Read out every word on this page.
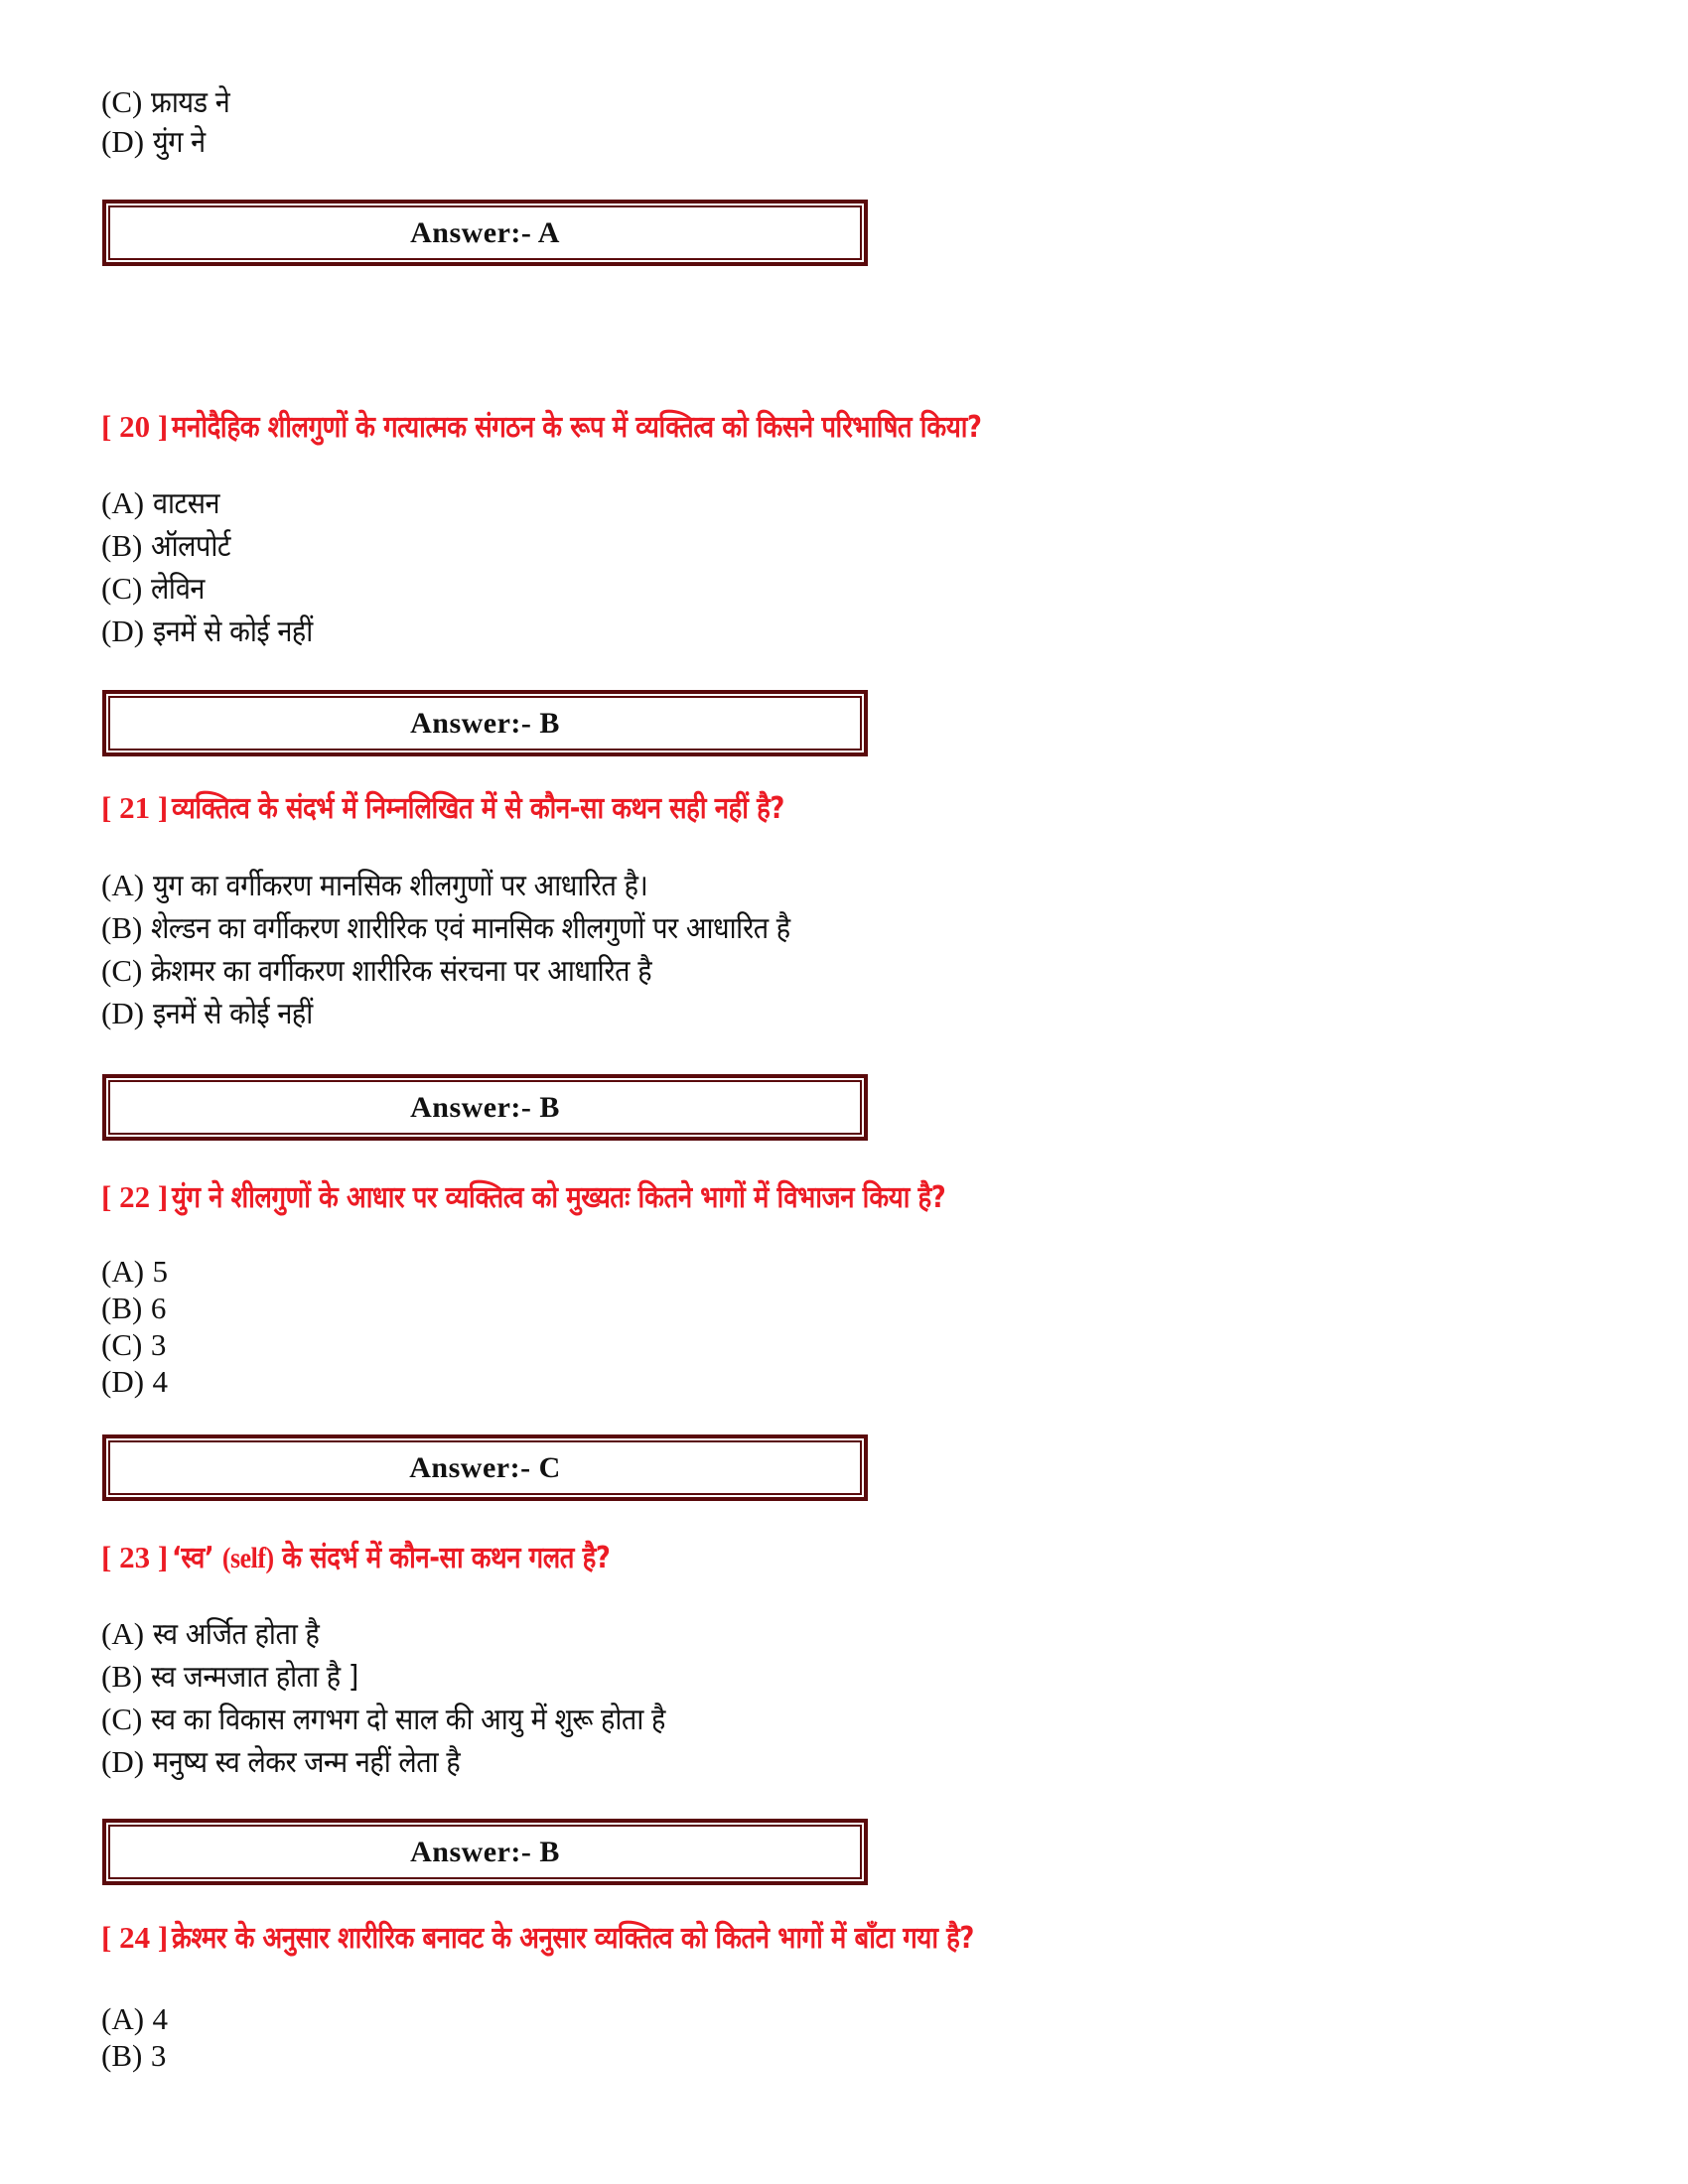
(C) फ्रायड ने
(D) युंग ने
Answer:- A
[ 20 ] मनोदैहिक शीलगुणों के गत्यात्मक संगठन के रूप में व्यक्तित्व को किसने परिभाषित किया?
(A) वाटसन
(B) ऑलपोर्ट
(C) लेविन
(D) इनमें से कोई नहीं
Answer:- B
[ 21 ] व्यक्तित्व के संदर्भ में निम्नलिखित में से कौन-सा कथन सही नहीं है?
(A) युग का वर्गीकरण मानसिक शीलगुणों पर आधारित है।
(B) शेल्डन का वर्गीकरण शारीरिक एवं मानसिक शीलगुणों पर आधारित है
(C) क्रेशमर का वर्गीकरण शारीरिक संरचना पर आधारित है
(D) इनमें से कोई नहीं
Answer:- B
[ 22 ] युंग ने शीलगुणों के आधार पर व्यक्तित्व को मुख्यतः कितने भागों में विभाजन किया है?
(A) 5
(B) 6
(C) 3
(D) 4
Answer:- C
[ 23 ] ‘स्व’ (self) के संदर्भ में कौन-सा कथन गलत है?
(A) स्व अर्जित होता है
(B) स्व जन्मजात होता है ]
(C) स्व का विकास लगभग दो साल की आयु में शुरू होता है
(D) मनुष्य स्व लेकर जन्म नहीं लेता है
Answer:- B
[ 24 ] क्रेश्मर के अनुसार शारीरिक बनावट के अनुसार व्यक्तित्व को कितने भागों में बाँटा गया है?
(A) 4
(B) 3
